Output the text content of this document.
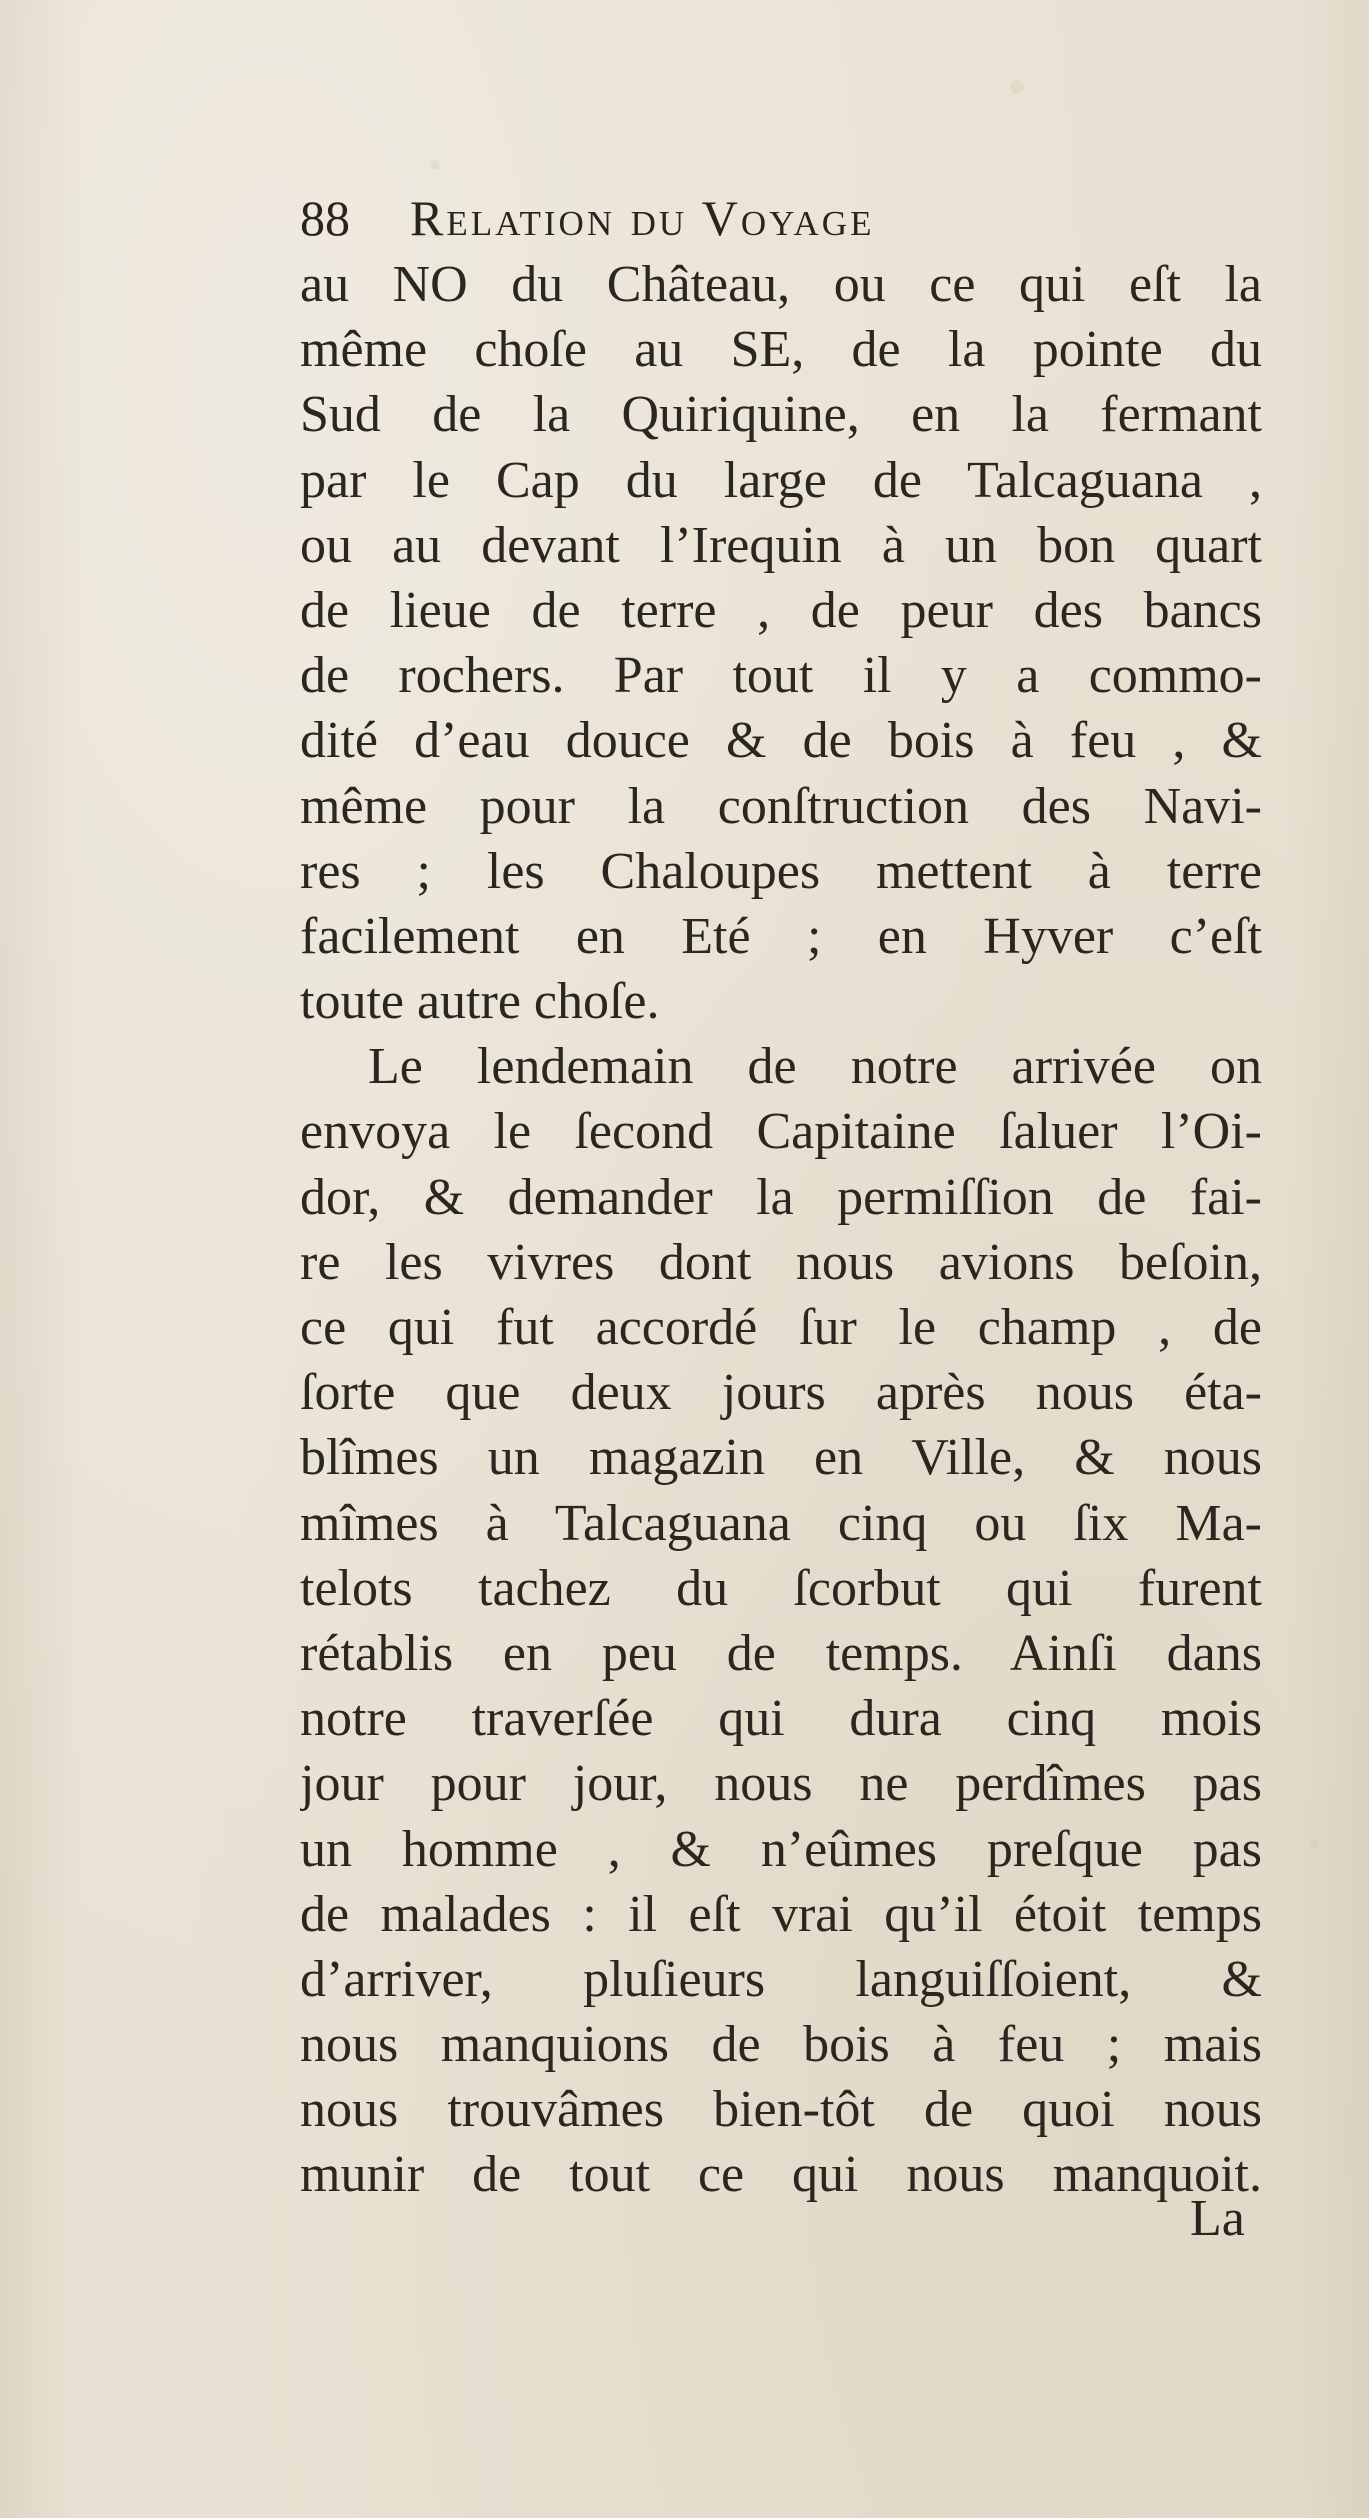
88 Relation du Voyage
au NO du Château, ou ce qui eſt la
même choſe au SE, de la pointe du
Sud de la Quiriquine, en la fermant
par le Cap du large de Talcaguana ,
ou au devant l’Irequin à un bon quart
de lieue de terre , de peur des bancs
de rochers. Par tout il y a commo-
dité d’eau douce & de bois à feu , &
même pour la conſtruction des Navi-
res ; les Chaloupes mettent à terre
facilement en Eté ; en Hyver c’eſt
toute autre choſe.
Le lendemain de notre arrivée on
envoya le ſecond Capitaine ſaluer l’Oi-
dor, & demander la permiſſion de fai-
re les vivres dont nous avions beſoin,
ce qui fut accordé ſur le champ , de
ſorte que deux jours après nous éta-
blîmes un magazin en Ville, & nous
mîmes à Talcaguana cinq ou ſix Ma-
telots tachez du ſcorbut qui furent
rétablis en peu de temps. Ainſi dans
notre traverſée qui dura cinq mois
jour pour jour, nous ne perdîmes pas
un homme , & n’eûmes preſque pas
de malades : il eſt vrai qu’il étoit temps
d’arriver, pluſieurs languiſſoient, &
nous manquions de bois à feu ; mais
nous trouvâmes bien-tôt de quoi nous
munir de tout ce qui nous manquoit.
La
